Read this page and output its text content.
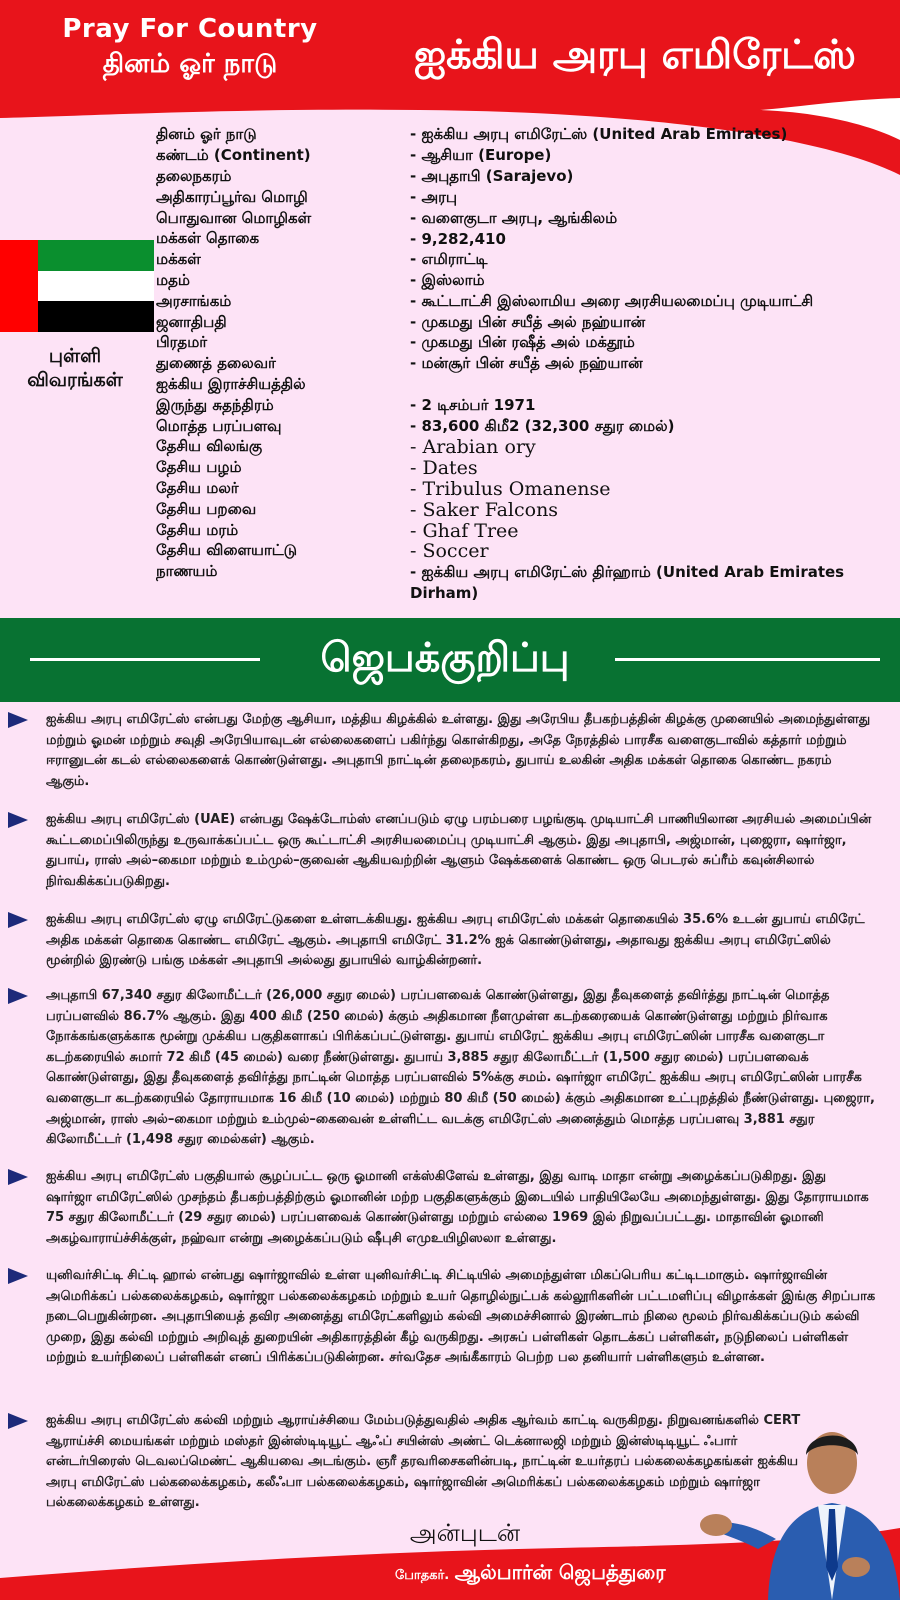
Pray For Country
தினம் ஓர் நாடு	ஐக்கிய அரபு எமிரேட்ஸ்
புள்ளி
விவரங்கள்
தினம் ஓர் நாடு	- ஐக்கிய அரபு எமிரேட்ஸ் (United Arab Emirates)
கண்டம் (Continent)	- ஆசியா (Europe)
தலைநகரம்	- அபுதாபி (Sarajevo)
அதிகாரப்பூர்வ மொழி	- அரபு
பொதுவான மொழிகள்	- வளைகுடா அரபு, ஆங்கிலம்
மக்கள் தொகை	- 9,282,410
மக்கள்	- எமிராட்டி
மதம்	- இஸ்லாம்
அரசாங்கம்	- கூட்டாட்சி இஸ்லாமிய அரை அரசியலமைப்பு முடியாட்சி
ஜனாதிபதி	- முகமது பின் சயீத் அல் நஹ்யான்
பிரதமர்	- முகமது பின் ரஷீத் அல் மக்தூம்
துணைத் தலைவர்	- மன்சூர் பின் சயீத் அல் நஹ்யான்
ஐக்கிய இராச்சியத்தில்
இருந்து சுதந்திரம்	- 2 டிசம்பர் 1971
மொத்த பரப்பளவு	- 83,600 கிமீ2 (32,300 சதுர மைல்)
தேசிய விலங்கு	- Arabian ory
தேசிய பழம்	- Dates
தேசிய மலர்	- Tribulus Omanense
தேசிய பறவை	- Saker Falcons
தேசிய மரம்	- Ghaf Tree
தேசிய விளையாட்டு	- Soccer
நாணயம்	- ஐக்கிய அரபு எமிரேட்ஸ் திர்ஹாம் (United Arab Emirates Dirham)
ஜெபக்குறிப்பு
ஐக்கிய அரபு எமிரேட்ஸ் என்பது மேற்கு ஆசியா, மத்திய கிழக்கில் உள்ளது. இது அரேபிய தீபகற்பத்தின் கிழக்கு முனையில் அமைந்துள்ளது மற்றும் ஓமன் மற்றும் சவுதி அரேபியாவுடன் எல்லைகளைப் பகிர்ந்து கொள்கிறது, அதே நேரத்தில் பாரசீக வளைகுடாவில் கத்தார் மற்றும் ஈரானுடன் கடல் எல்லைகளைக் கொண்டுள்ளது. அபுதாபி நாட்டின் தலைநகரம், துபாய் உலகின் அதிக மக்கள் தொகை கொண்ட நகரம் ஆகும்.
ஐக்கிய அரபு எமிரேட்ஸ் (UAE) என்பது ஷேக்டோம்ஸ் எனப்படும் ஏழு பரம்பரை பழங்குடி முடியாட்சி பாணியிலான அரசியல் அமைப்பின் கூட்டமைப்பிலிருந்து உருவாக்கப்பட்ட ஒரு கூட்டாட்சி அரசியலமைப்பு முடியாட்சி ஆகும். இது அபுதாபி, அஜ்மான், புஜைரா, ஷார்ஜா, துபாய், ராஸ் அல்–கைமா மற்றும் உம்முல்–குவைன் ஆகியவற்றின் ஆளும் ஷேக்களைக் கொண்ட ஒரு பெடரல் சுப்ரீம் கவுன்சிலால் நிர்வகிக்கப்படுகிறது.
ஐக்கிய அரபு எமிரேட்ஸ் ஏழு எமிரேட்டுகளை உள்ளடக்கியது. ஐக்கிய அரபு எமிரேட்ஸ் மக்கள் தொகையில் 35.6% உடன் துபாய் எமிரேட் அதிக மக்கள் தொகை கொண்ட எமிரேட் ஆகும். அபுதாபி எமிரேட் 31.2% ஐக் கொண்டுள்ளது, அதாவது ஐக்கிய அரபு எமிரேட்ஸில் மூன்றில் இரண்டு பங்கு மக்கள் அபுதாபி அல்லது துபாயில் வாழ்கின்றனர்.
அபுதாபி 67,340 சதுர கிலோமீட்டர் (26,000 சதுர மைல்) பரப்பளவைக் கொண்டுள்ளது, இது தீவுகளைத் தவிர்த்து நாட்டின் மொத்த பரப்பளவில் 86.7% ஆகும். இது 400 கிமீ (250 மைல்) க்கும் அதிகமான நீளமுள்ள கடற்கரையைக் கொண்டுள்ளது மற்றும் நிர்வாக நோக்கங்களுக்காக மூன்று முக்கிய பகுதிகளாகப் பிரிக்கப்பட்டுள்ளது. துபாய் எமிரேட் ஐக்கிய அரபு எமிரேட்ஸின் பாரசீக வளைகுடா கடற்கரையில் சுமார் 72 கிமீ (45 மைல்) வரை நீண்டுள்ளது. துபாய் 3,885 சதுர கிலோமீட்டர் (1,500 சதுர மைல்) பரப்பளவைக் கொண்டுள்ளது, இது தீவுகளைத் தவிர்த்து நாட்டின் மொத்த பரப்பளவில் 5%க்கு சமம். ஷார்ஜா எமிரேட் ஐக்கிய அரபு எமிரேட்ஸின் பாரசீக வளைகுடா கடற்கரையில் தோராயமாக 16 கிமீ (10 மைல்) மற்றும் 80 கிமீ (50 மைல்) க்கும் அதிகமான உட்புறத்தில் நீண்டுள்ளது. புஜைரா, அஜ்மான், ராஸ் அல்–கைமா மற்றும் உம்முல்–கைவைன் உள்ளிட்ட வடக்கு எமிரேட்ஸ் அனைத்தும் மொத்த பரப்பளவு 3,881 சதுர கிலோமீட்டர் (1,498 சதுர மைல்கள்) ஆகும்.
ஐக்கிய அரபு எமிரேட்ஸ் பகுதியால் சூழப்பட்ட ஒரு ஓமானி எக்ஸ்கிளேவ் உள்ளது, இது வாடி மாதா என்று அழைக்கப்படுகிறது. இது ஷார்ஜா எமிரேட்ஸில் முசந்தம் தீபகற்பத்திற்கும் ஓமானின் மற்ற பகுதிகளுக்கும் இடையில் பாதியிலேயே அமைந்துள்ளது. இது தோராயமாக 75 சதுர கிலோமீட்டர் (29 சதுர மைல்) பரப்பளவைக் கொண்டுள்ளது மற்றும் எல்லை 1969 இல் நிறுவப்பட்டது. மாதாவின் ஓமானி அகழ்வாராய்ச்சிக்குள், நஹ்வா என்று அழைக்கப்படும் ஷீபுசி எமுஉயிழிஸலா உள்ளது.
யுனிவர்சிட்டி சிட்டி ஹால் என்பது ஷார்ஜாவில் உள்ள யுனிவர்சிட்டி சிட்டியில் அமைந்துள்ள மிகப்பெரிய கட்டிடமாகும். ஷார்ஜாவின் அமெரிக்கப் பல்கலைக்கழகம், ஷார்ஜா பல்கலைக்கழகம் மற்றும் உயர் தொழில்நுட்பக் கல்லூரிகளின் பட்டமளிப்பு விழாக்கள் இங்கு சிறப்பாக நடைபெறுகின்றன. அபுதாபியைத் தவிர அனைத்து எமிரேட்களிலும் கல்வி அமைச்சினால் இரண்டாம் நிலை மூலம் நிர்வகிக்கப்படும் கல்வி முறை, இது கல்வி மற்றும் அறிவுத் துறையின் அதிகாரத்தின் கீழ் வருகிறது. அரசுப் பள்ளிகள் தொடக்கப் பள்ளிகள், நடுநிலைப் பள்ளிகள் மற்றும் உயர்நிலைப் பள்ளிகள் எனப் பிரிக்கப்படுகின்றன. சர்வதேச அங்கீகாரம் பெற்ற பல தனியார் பள்ளிகளும் உள்ளன.
ஐக்கிய அரபு எமிரேட்ஸ் கல்வி மற்றும் ஆராய்ச்சியை மேம்படுத்துவதில் அதிக ஆர்வம் காட்டி வருகிறது. நிறுவனங்களில் CERT ஆராய்ச்சி மையங்கள் மற்றும் மஸ்தர் இன்ஸ்டிடியூட் ஆஃப் சயின்ஸ் அண்ட் டெக்னாலஜி மற்றும் இன்ஸ்டிடியூட் ஃபார் என்டர்பிரைஸ் டெவலப்மெண்ட் ஆகியவை அடங்கும். ஞரீ தரவரிசைகளின்படி, நாட்டின் உயர்தரப் பல்கலைக்கழகங்கள் ஐக்கிய அரபு எமிரேட்ஸ் பல்கலைக்கழகம், கலீஃபா பல்கலைக்கழகம், ஷார்ஜாவின் அமெரிக்கப் பல்கலைக்கழகம் மற்றும் ஷார்ஜா பல்கலைக்கழகம் உள்ளது.
அன்புடன்
போதகர். ஆல்பார்ன் ஜெபத்துரை
